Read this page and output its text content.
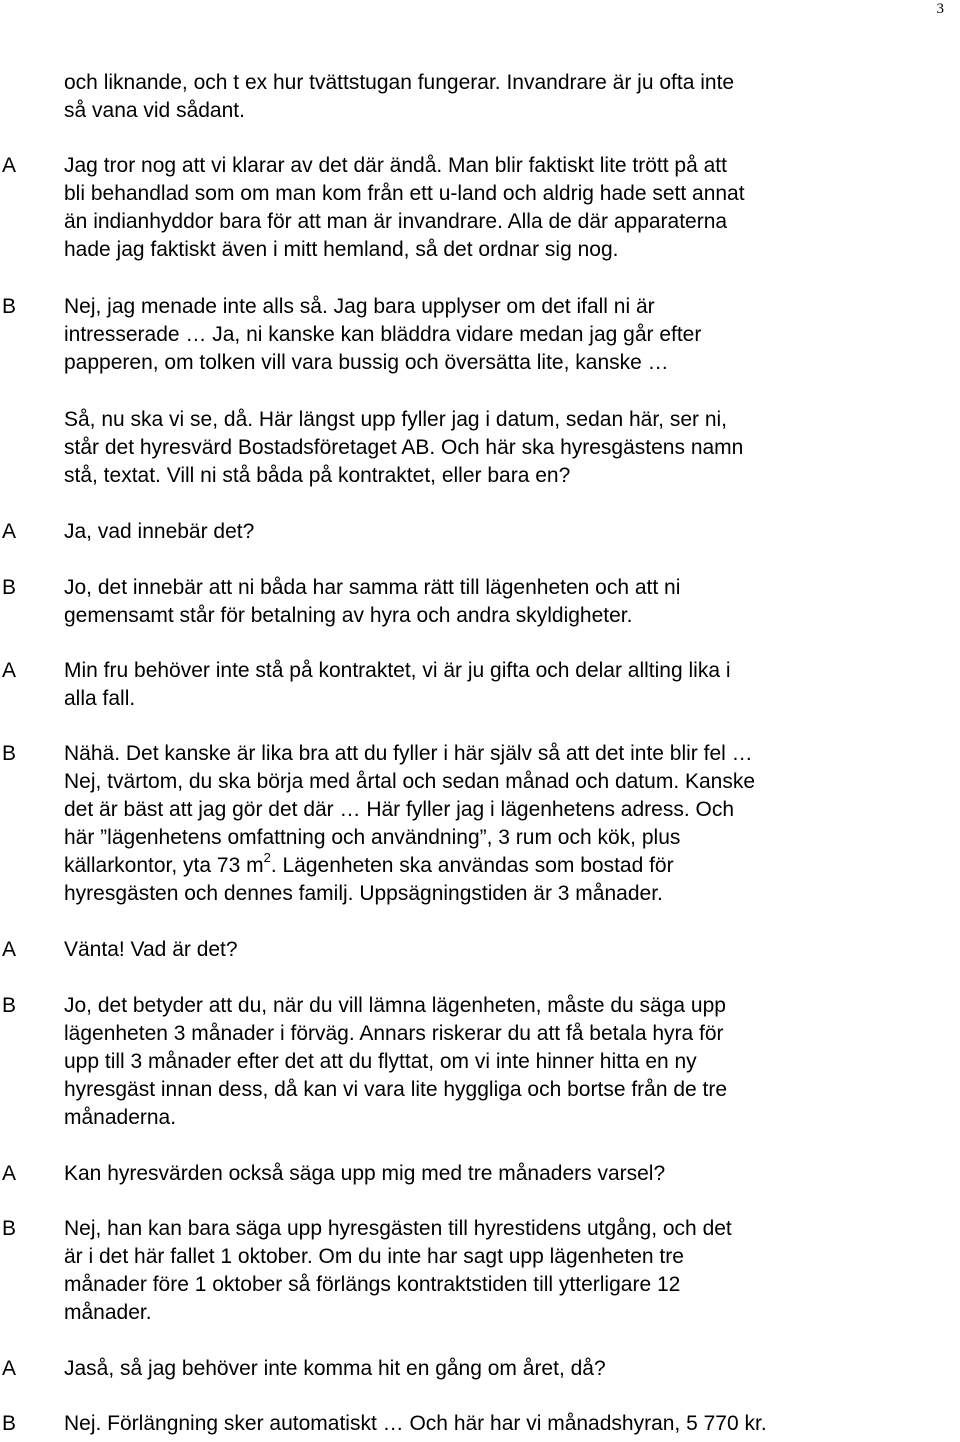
3
och liknande, och t ex hur tvättstugan fungerar. Invandrare är ju ofta inte
så vana vid sådant.
A	Jag tror nog att vi klarar av det där ändå. Man blir faktiskt lite trött på att
bli behandlad som om man kom från ett u-land och aldrig hade sett annat
än indianhyddor bara för att man är invandrare. Alla de där apparaterna
hade jag faktiskt även i mitt hemland, så det ordnar sig nog.
B	Nej, jag menade inte alls så. Jag bara upplyser om det ifall ni är
intresserade … Ja, ni kanske kan bläddra vidare medan jag går efter
papperen, om tolken vill vara bussig och översätta lite, kanske …
Så, nu ska vi se, då. Här längst upp fyller jag i datum, sedan här, ser ni,
står det hyresvärd Bostadsföretaget AB. Och här ska hyresgästens namn
stå, textat. Vill ni stå båda på kontraktet, eller bara en?
A	Ja, vad innebär det?
B	Jo, det innebär att ni båda har samma rätt till lägenheten och att ni
gemensamt står för betalning av hyra och andra skyldigheter.
A	Min fru behöver inte stå på kontraktet, vi är ju gifta och delar allting lika i
alla fall.
B	Nähä. Det kanske är lika bra att du fyller i här själv så att det inte blir fel …
Nej, tvärtom, du ska börja med årtal och sedan månad och datum. Kanske
det är bäst att jag gör det där … Här fyller jag i lägenhetens adress. Och
här ”lägenhetens omfattning och användning”, 3 rum och kök, plus
källarkontor, yta 73 $m^2$. Lägenheten ska användas som bostad för
hyresgästen och dennes familj. Uppsägningstiden är 3 månader.
A	Vänta! Vad är det?
B	Jo, det betyder att du, när du vill lämna lägenheten, måste du säga upp
lägenheten 3 månader i förväg. Annars riskerar du att få betala hyra för
upp till 3 månader efter det att du flyttat, om vi inte hinner hitta en ny
hyresgäst innan dess, då kan vi vara lite hyggliga och bortse från de tre
månaderna.
A	Kan hyresvärden också säga upp mig med tre månaders varsel?
B	Nej, han kan bara säga upp hyresgästen till hyrestidens utgång, och det
är i det här fallet 1 oktober. Om du inte har sagt upp lägenheten tre
månader före 1 oktober så förlängs kontraktstiden till ytterligare 12
månader.
A	Jaså, så jag behöver inte komma hit en gång om året, då?
B	Nej. Förlängning sker automatiskt … Och här har vi månadshyran, 5 770 kr.
